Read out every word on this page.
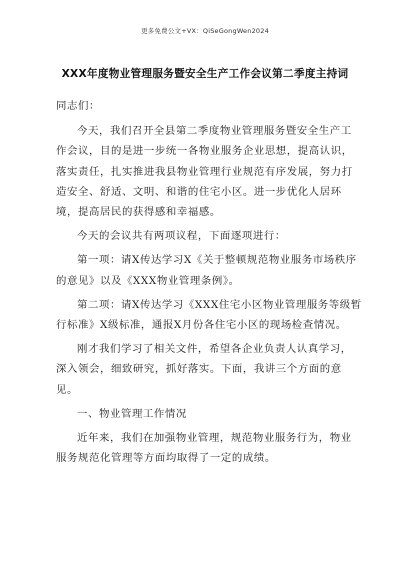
更多免费公文+VX：QiSeGongWen2024
XXX年度物业管理服务暨安全生产工作会议第二季度主持词

同志们：

今天，我们召开全县第二季度物业管理服务暨安全生产工作会议，目的是进一步统一各物业服务企业思想，提高认识，落实责任，扎实推进我县物业管理行业规范有序发展，努力打造安全、舒适、文明、和谐的住宅小区。进一步优化人居环境，提高居民的获得感和幸福感。

今天的会议共有两项议程，下面逐项进行：

第一项：请X传达学习X《关于整顿规范物业服务市场秩序的意见》以及《XXX物业管理条例》。

第二项：请X传达学习《XXX住宅小区物业管理服务等级暂行标准》X级标准，通报X月份各住宅小区的现场检查情况。

刚才我们学习了相关文件，希望各企业负责人认真学习，深入领会，细致研究，抓好落实。下面，我讲三个方面的意见。

一、物业管理工作情况

近年来，我们在加强物业管理，规范物业服务行为，物业服务规范化管理等方面均取得了一定的成绩。
